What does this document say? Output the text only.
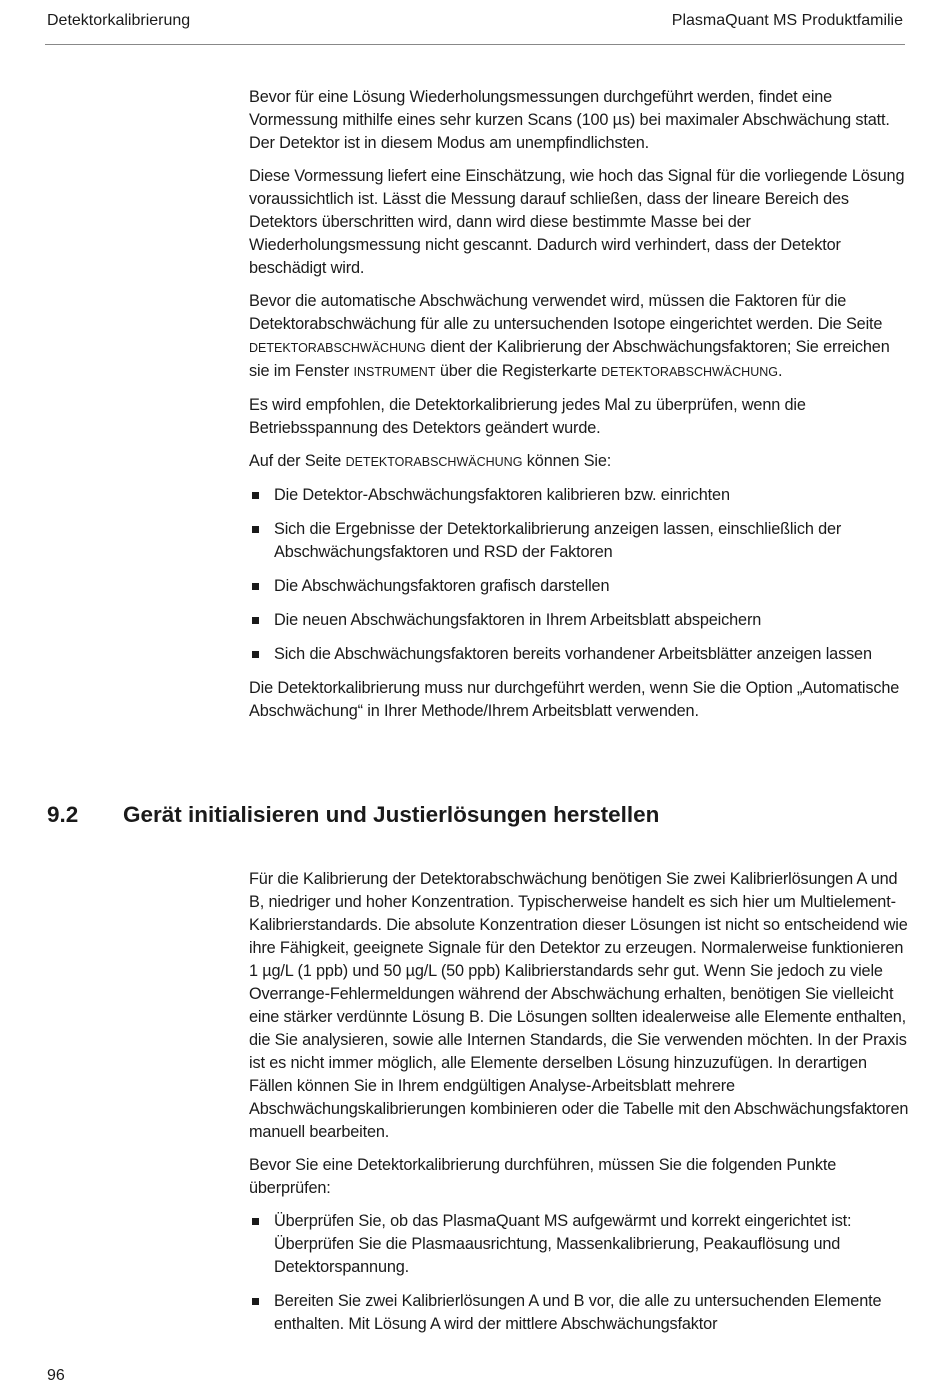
Detektorkalibrierung	PlasmaQuant MS Produktfamilie

Bevor für eine Lösung Wiederholungsmessungen durchgeführt werden, findet eine Vormessung mithilfe eines sehr kurzen Scans (100 µs) bei maximaler Abschwächung statt. Der Detektor ist in diesem Modus am unempfindlichsten.

Diese Vormessung liefert eine Einschätzung, wie hoch das Signal für die vorliegende Lösung voraussichtlich ist. Lässt die Messung darauf schließen, dass der lineare Bereich des Detektors überschritten wird, dann wird diese bestimmte Masse bei der Wiederholungsmessung nicht gescannt. Dadurch wird verhindert, dass der Detektor beschädigt wird.

Bevor die automatische Abschwächung verwendet wird, müssen die Faktoren für die Detektorabschwächung für alle zu untersuchenden Isotope eingerichtet werden. Die Seite DETEKTORABSCHWÄCHUNG dient der Kalibrierung der Abschwächungsfaktoren; Sie erreichen sie im Fenster INSTRUMENT über die Registerkarte DETEKTORABSCHWÄCHUNG.

Es wird empfohlen, die Detektorkalibrierung jedes Mal zu überprüfen, wenn die Betriebsspannung des Detektors geändert wurde.

Auf der Seite DETEKTORABSCHWÄCHUNG können Sie:

Die Detektor-Abschwächungsfaktoren kalibrieren bzw. einrichten
Sich die Ergebnisse der Detektorkalibrierung anzeigen lassen, einschließlich der Abschwächungsfaktoren und RSD der Faktoren
Die Abschwächungsfaktoren grafisch darstellen
Die neuen Abschwächungsfaktoren in Ihrem Arbeitsblatt abspeichern
Sich die Abschwächungsfaktoren bereits vorhandener Arbeitsblätter anzeigen lassen

Die Detektorkalibrierung muss nur durchgeführt werden, wenn Sie die Option „Automatische Abschwächung“ in Ihrer Methode/Ihrem Arbeitsblatt verwenden.

9.2 Gerät initialisieren und Justierlösungen herstellen

Für die Kalibrierung der Detektorabschwächung benötigen Sie zwei Kalibrierlösungen A und B, niedriger und hoher Konzentration. Typischerweise handelt es sich hier um Multielement-Kalibrierstandards. Die absolute Konzentration dieser Lösungen ist nicht so entscheidend wie ihre Fähigkeit, geeignete Signale für den Detektor zu erzeugen. Normalerweise funktionieren 1 µg/L (1 ppb) und 50 µg/L (50 ppb) Kalibrierstandards sehr gut. Wenn Sie jedoch zu viele Overrange-Fehlermeldungen während der Abschwächung erhalten, benötigen Sie vielleicht eine stärker verdünnte Lösung B. Die Lösungen sollten idealerweise alle Elemente enthalten, die Sie analysieren, sowie alle Internen Standards, die Sie verwenden möchten. In der Praxis ist es nicht immer möglich, alle Elemente derselben Lösung hinzuzufügen. In derartigen Fällen können Sie in Ihrem endgültigen Analyse-Arbeitsblatt mehrere Abschwächungskalibrierungen kombinieren oder die Tabelle mit den Abschwächungsfaktoren manuell bearbeiten.

Bevor Sie eine Detektorkalibrierung durchführen, müssen Sie die folgenden Punkte überprüfen:

Überprüfen Sie, ob das PlasmaQuant MS aufgewärmt und korrekt eingerichtet ist: Überprüfen Sie die Plasmaausrichtung, Massenkalibrierung, Peakauflösung und Detektorspannung.
Bereiten Sie zwei Kalibrierlösungen A und B vor, die alle zu untersuchenden Elemente enthalten. Mit Lösung A wird der mittlere Abschwächungsfaktor
96
